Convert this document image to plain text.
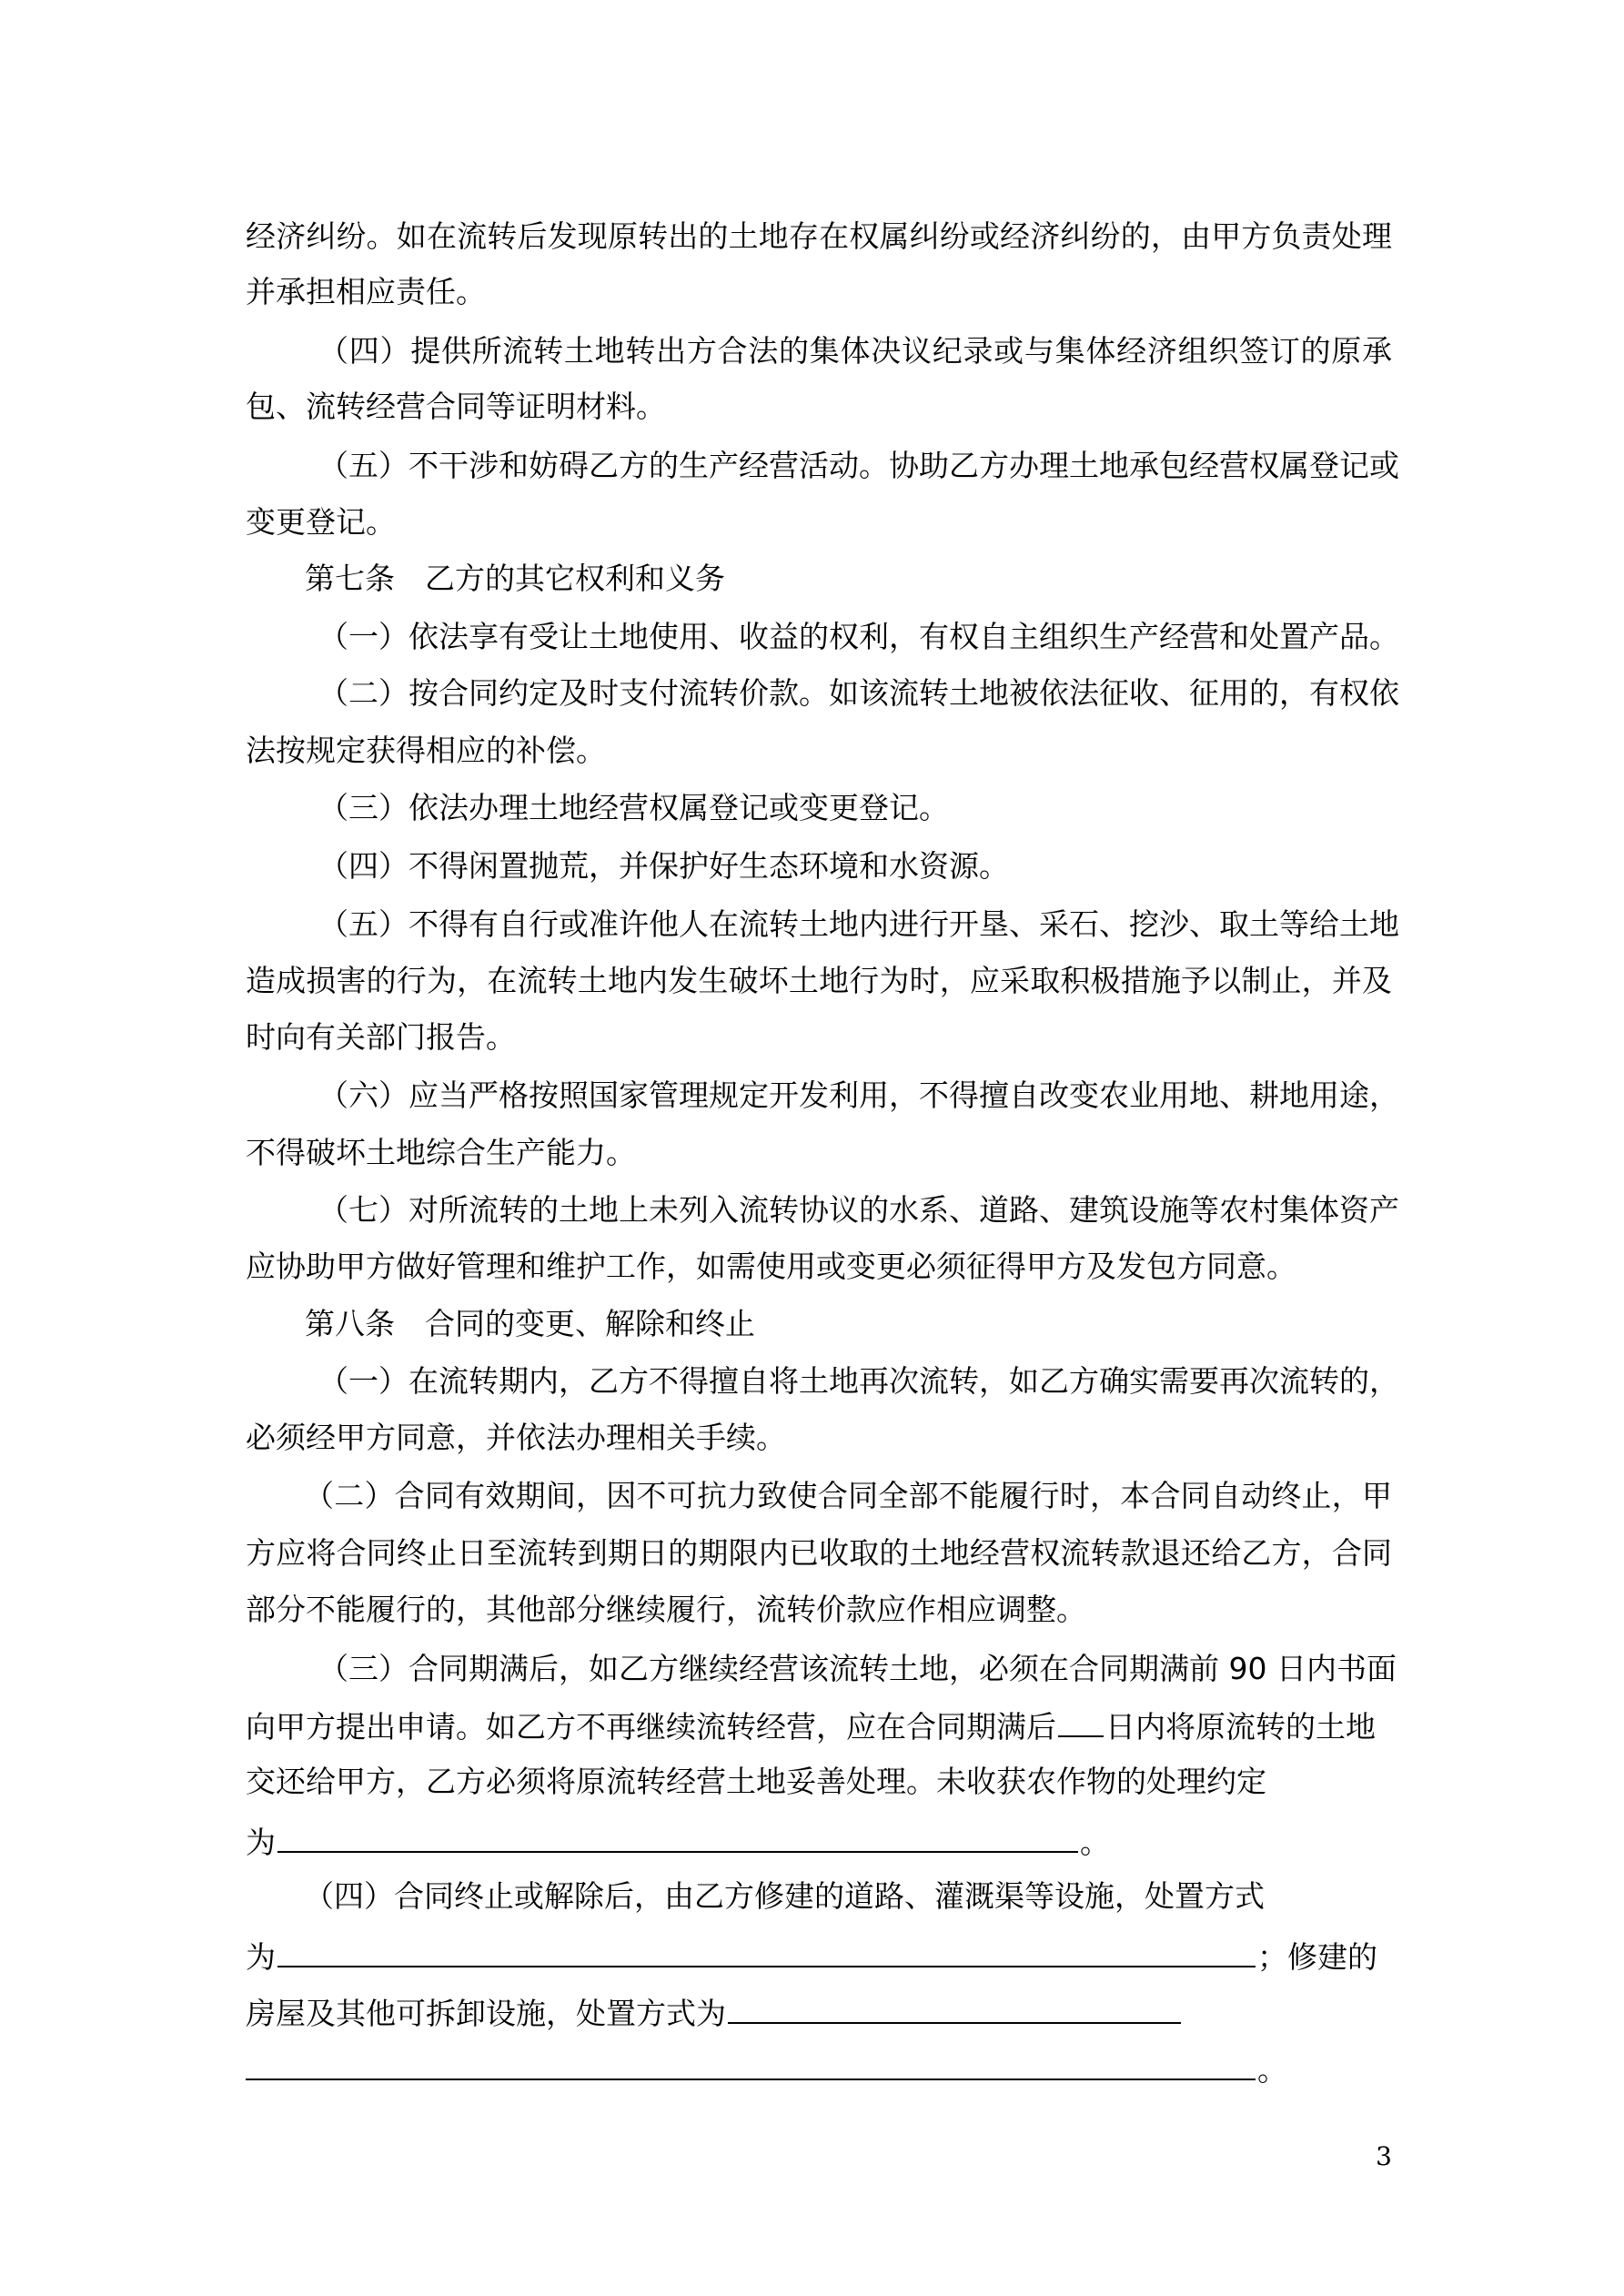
经济纠纷。如在流转后发现原转出的土地存在权属纠纷或经济纠纷的，由甲方负责处理
并承担相应责任。
（四）提供所流转土地转出方合法的集体决议纪录或与集体经济组织签订的原承
包、流转经营合同等证明材料。
（五）不干涉和妨碍乙方的生产经营活动。协助乙方办理土地承包经营权属登记或
变更登记。
第七条　乙方的其它权利和义务
（一）依法享有受让土地使用、收益的权利，有权自主组织生产经营和处置产品。
（二）按合同约定及时支付流转价款。如该流转土地被依法征收、征用的，有权依
法按规定获得相应的补偿。
（三）依法办理土地经营权属登记或变更登记。
（四）不得闲置抛荒，并保护好生态环境和水资源。
（五）不得有自行或准许他人在流转土地内进行开垦、采石、挖沙、取土等给土地
造成损害的行为，在流转土地内发生破坏土地行为时，应采取积极措施予以制止，并及
时向有关部门报告。
（六）应当严格按照国家管理规定开发利用，不得擅自改变农业用地、耕地用途，
不得破坏土地综合生产能力。
（七）对所流转的土地上未列入流转协议的水系、道路、建筑设施等农村集体资产
应协助甲方做好管理和维护工作，如需使用或变更必须征得甲方及发包方同意。
第八条　合同的变更、解除和终止
（一）在流转期内，乙方不得擅自将土地再次流转，如乙方确实需要再次流转的，
必须经甲方同意，并依法办理相关手续。
（二）合同有效期间，因不可抗力致使合同全部不能履行时，本合同自动终止，甲
方应将合同终止日至流转到期日的期限内已收取的土地经营权流转款退还给乙方，合同
部分不能履行的，其他部分继续履行，流转价款应作相应调整。
（三）合同期满后，如乙方继续经营该流转土地，必须在合同期满前 90 日内书面
向甲方提出申请。如乙方不再继续流转经营，应在合同期满后 日内将原流转的土地
交还给甲方，乙方必须将原流转经营土地妥善处理。未收获农作物的处理约定
为	。
（四）合同终止或解除后，由乙方修建的道路、灌溉渠等设施，处置方式
为	；修建的
房屋及其他可拆卸设施，处置方式为
。
3
